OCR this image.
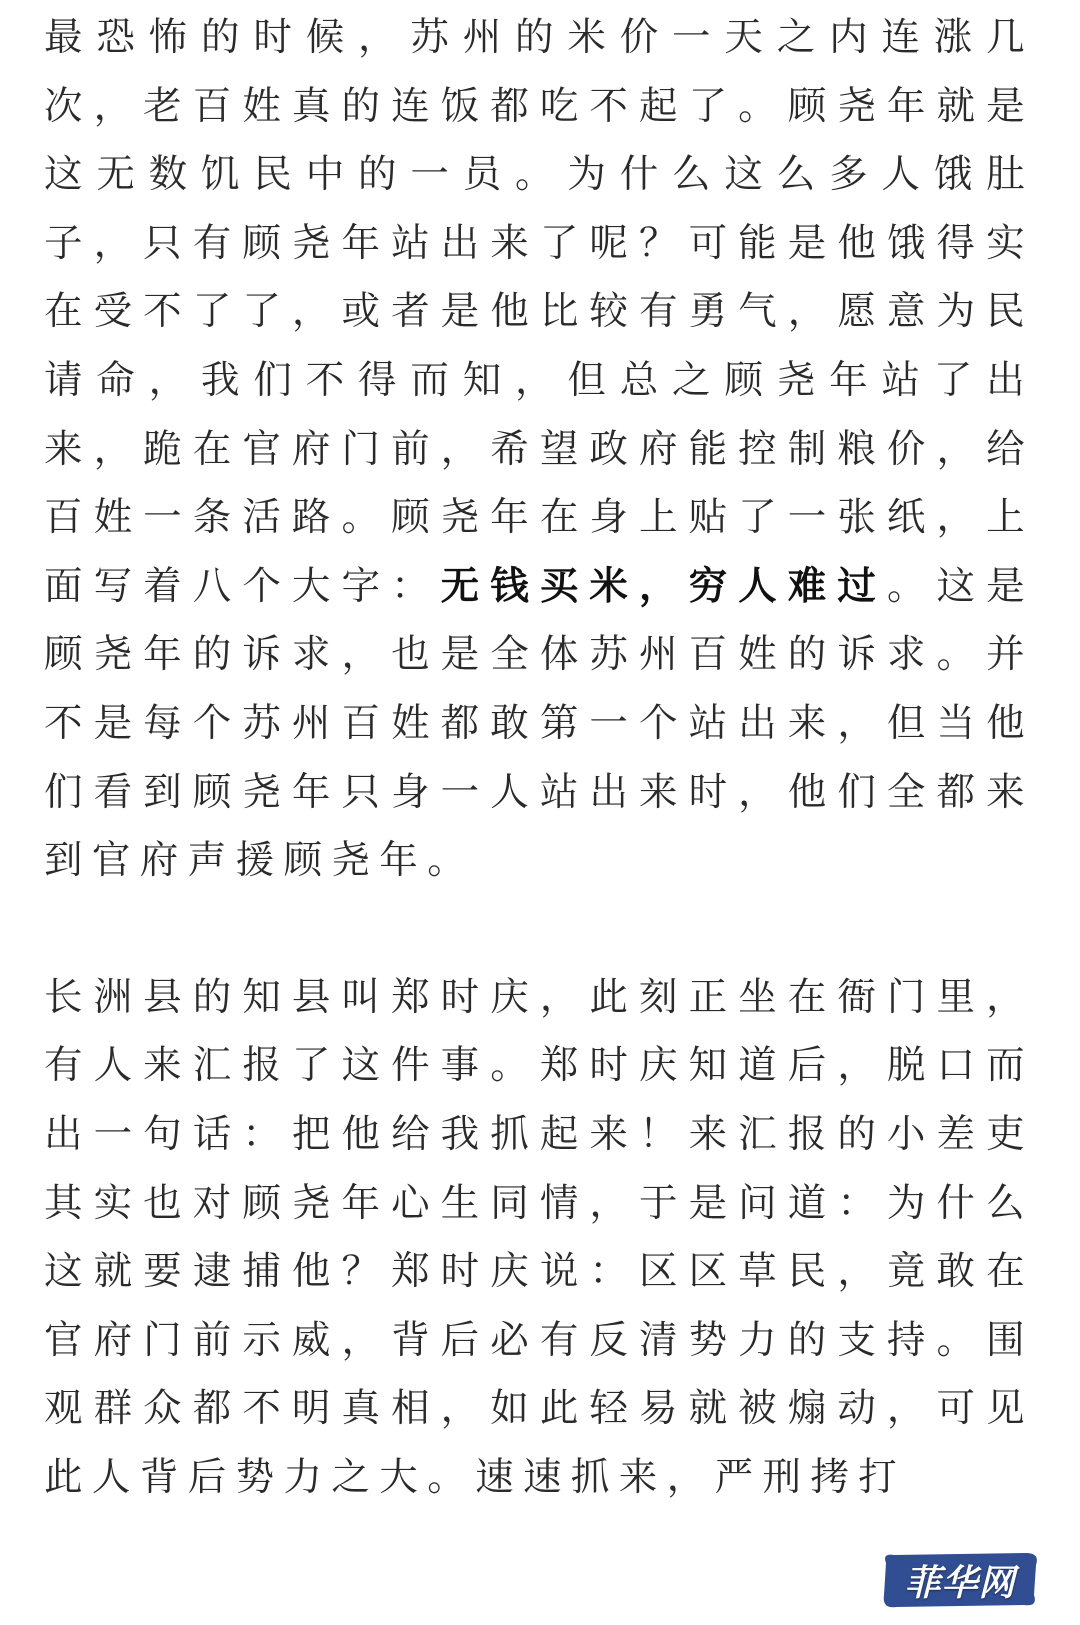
最恐怖的时候，苏州的米价一天之内连涨几次，老百姓真的连饭都吃不起了。顾尧年就是这无数饥民中的一员。为什么这么多人饿肚子，只有顾尧年站出来了呢？可能是他饿得实在受不了了，或者是他比较有勇气，愿意为民请命，我们不得而知，但总之顾尧年站了出来，跪在官府门前，希望政府能控制粮价，给百姓一条活路。顾尧年在身上贴了一张纸，上面写着八个大字：无钱买米，穷人难过。这是顾尧年的诉求，也是全体苏州百姓的诉求。并不是每个苏州百姓都敢第一个站出来，但当他们看到顾尧年只身一人站出来时，他们全都来到官府声援顾尧年。

长洲县的知县叫郑时庆，此刻正坐在衙门里，有人来汇报了这件事。郑时庆知道后，脱口而出一句话：把他给我抓起来！来汇报的小差吏其实也对顾尧年心生同情，于是问道：为什么这就要逮捕他？郑时庆说：区区草民，竟敢在官府门前示威，背后必有反清势力的支持。围观群众都不明真相，如此轻易就被煽动，可见此人背后势力之大。速速抓来，严刑拷打

菲华网
